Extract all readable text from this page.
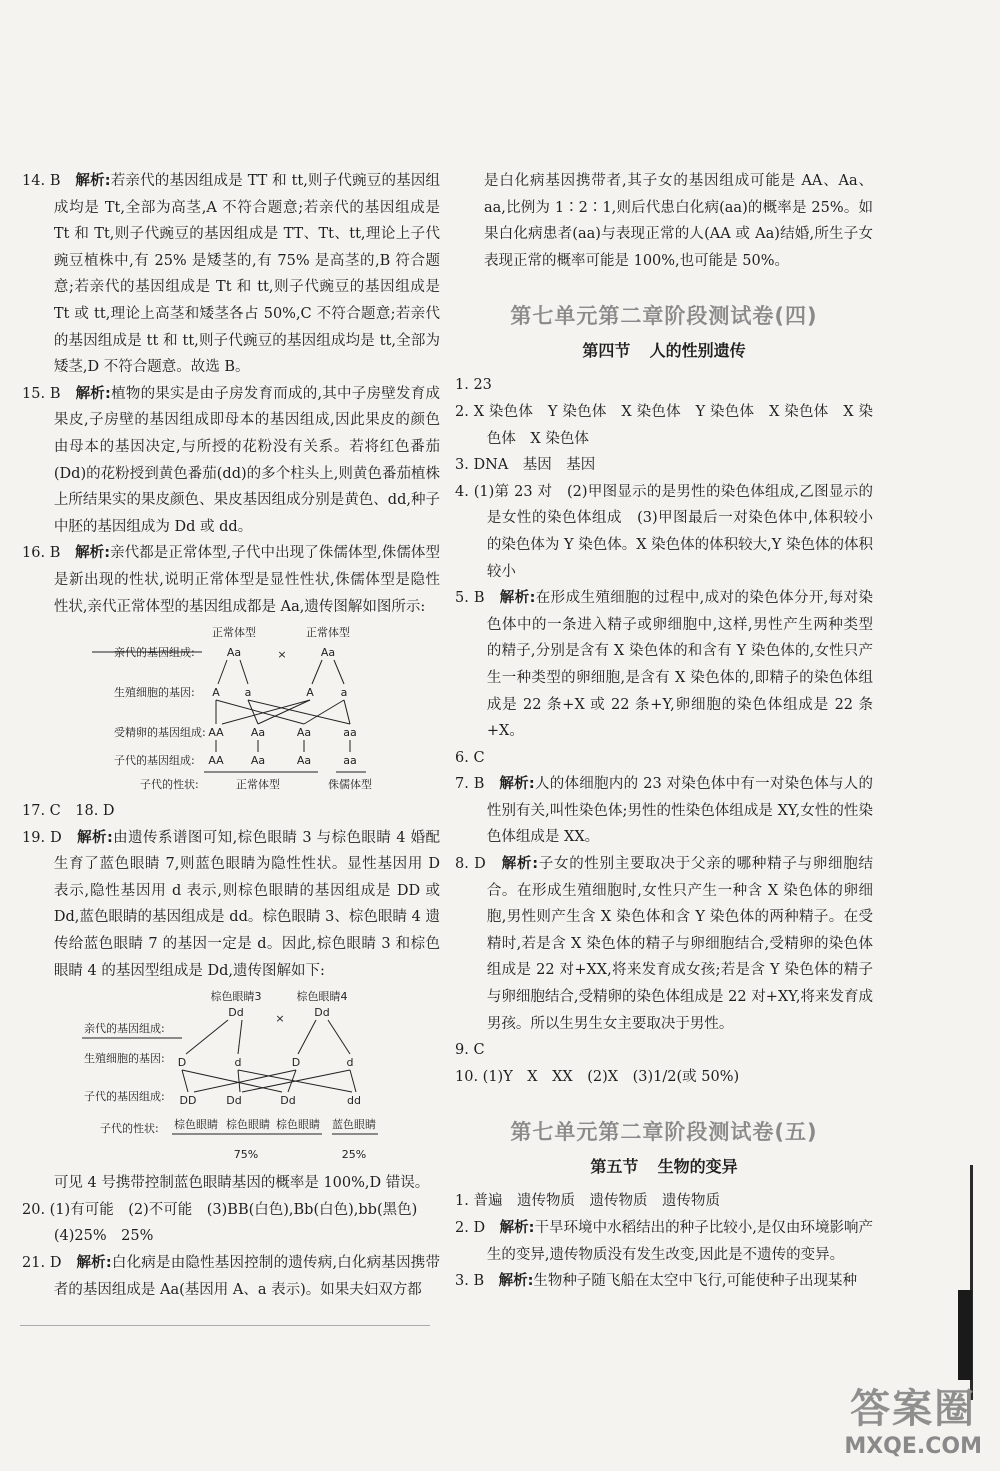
14. B　 解析:若亲代的基因组成是 TT 和 tt,则子代豌豆的基因组成均是 Tt,全部为高茎,A 不符合题意;若亲代的基因组成是 Tt 和 Tt,则子代豌豆的基因组成是 TT、Tt、tt,理论上子代豌豆植株中,有 25% 是矮茎的,有 75% 是高茎的,B 符合题意;若亲代的基因组成是 Tt 和 tt,则子代豌豆的基因组成是 Tt 或 tt,理论上高茎和矮茎各占 50%,C 不符合题意;若亲代的基因组成是 tt 和 tt,则子代豌豆的基因组成均是 tt,全部为矮茎,D 不符合题意。故选 B。

15. B　 解析:植物的果实是由子房发育而成的,其中子房壁发育成果皮,子房壁的基因组成即母本的基因组成,因此果皮的颜色由母本的基因决定,与所授的花粉没有关系。若将红色番茄(Dd)的花粉授到黄色番茄(dd)的多个柱头上,则黄色番茄植株上所结果实的果皮颜色、果皮基因组成分别是黄色、dd,种子中胚的基因组成为 Dd 或 dd。

16. B　 解析:亲代都是正常体型,子代中出现了侏儒体型,侏儒体型是新出现的性状,说明正常体型是显性性状,侏儒体型是隐性性状,亲代正常体型的基因组成都是 Aa,遗传图解如图所示:

正常体型	正常体型
亲代的基因组成:	Aa	×	Aa
生殖细胞的基因: A a	A a
受精卵的基因组成: AA Aa	Aa	aa
子代的基因组成: AA Aa	Aa	aa
子代的性状:	正常体型	侏儒体型

17. C　18. D

19. D　 解析:由遗传系谱图可知,棕色眼睛 3 与棕色眼睛 4 婚配生育了蓝色眼睛 7,则蓝色眼睛为隐性性状。显性基因用 D 表示,隐性基因用 d 表示,则棕色眼睛的基因组成是 DD 或 Dd,蓝色眼睛的基因组成是 dd。棕色眼睛 3、棕色眼睛 4 遗传给蓝色眼睛 7 的基因一定是 d。因此,棕色眼睛 3 和棕色眼睛 4 的基因型组成是 Dd,遗传图解如下:

棕色眼睛3	棕色眼睛4
Dd	×	Dd
亲代的基因组成:
生殖细胞的基因: D	d	D	d
子代的基因组成: DD	Dd	Dd	dd
子代的性状: 棕色眼睛 棕色眼睛 棕色眼睛 蓝色眼睛
75%	25%

可见 4 号携带控制蓝色眼睛基因的概率是 100%,D 错误。

20. (1)有可能　(2)不可能　(3)BB(白色),Bb(白色),bb(黑色)

(4)25%　25%

21. D　 解析:白化病是由隐性基因控制的遗传病,白化病基因携带者的基因组成是 Aa(基因用 A、a 表示)。如果夫妇双方都

是白化病基因携带者,其子女的基因组成可能是 AA、Aa、aa,比例为 1∶2∶1,则后代患白化病(aa)的概率是 25%。如果白化病患者(aa)与表现正常的人(AA 或 Aa)结婚,所生子女表现正常的概率可能是 100%,也可能是 50%。

第七单元第二章阶段测试卷(四)
第四节 人的性别遗传

1. 23

2. X 染色体　Y 染色体　X 染色体　Y 染色体　X 染色体　X 染色体　X 染色体

3. DNA　基因　基因

4. (1)第 23 对　(2)甲图显示的是男性的染色体组成,乙图显示的是女性的染色体组成　(3)甲图最后一对染色体中,体积较小的染色体为 Y 染色体。X 染色体的体积较大,Y 染色体的体积较小

5. B　 解析:在形成生殖细胞的过程中,成对的染色体分开,每对染色体中的一条进入精子或卵细胞中,这样,男性产生两种类型的精子,分别是含有 X 染色体的和含有 Y 染色体的,女性只产生一种类型的卵细胞,是含有 X 染色体的,即精子的染色体组成是 22 条+X 或 22 条+Y,卵细胞的染色体组成是 22 条+X。

6. C

7. B　 解析:人的体细胞内的 23 对染色体中有一对染色体与人的性别有关,叫性染色体;男性的性染色体组成是 XY,女性的性染色体组成是 XX。

8. D　 解析:子女的性别主要取决于父亲的哪种精子与卵细胞结合。在形成生殖细胞时,女性只产生一种含 X 染色体的卵细胞,男性则产生含 X 染色体和含 Y 染色体的两种精子。在受精时,若是含 X 染色体的精子与卵细胞结合,受精卵的染色体组成是 22 对+XX,将来发育成女孩;若是含 Y 染色体的精子与卵细胞结合,受精卵的染色体组成是 22 对+XY,将来发育成男孩。所以生男生女主要取决于男性。

9. C

10. (1)Y　X　XX　(2)X　(3)1/2(或 50%)

第七单元第二章阶段测试卷(五)
第五节 生物的变异

1. 普遍　遗传物质　遗传物质　遗传物质

2. D　 解析:干旱环境中水稻结出的种子比较小,是仅由环境影响产生的变异,遗传物质没有发生改变,因此是不遗传的变异。

3. B　 解析:生物种子随飞船在太空中飞行,可能使种子出现某种

答案圈
MXQE.COM
